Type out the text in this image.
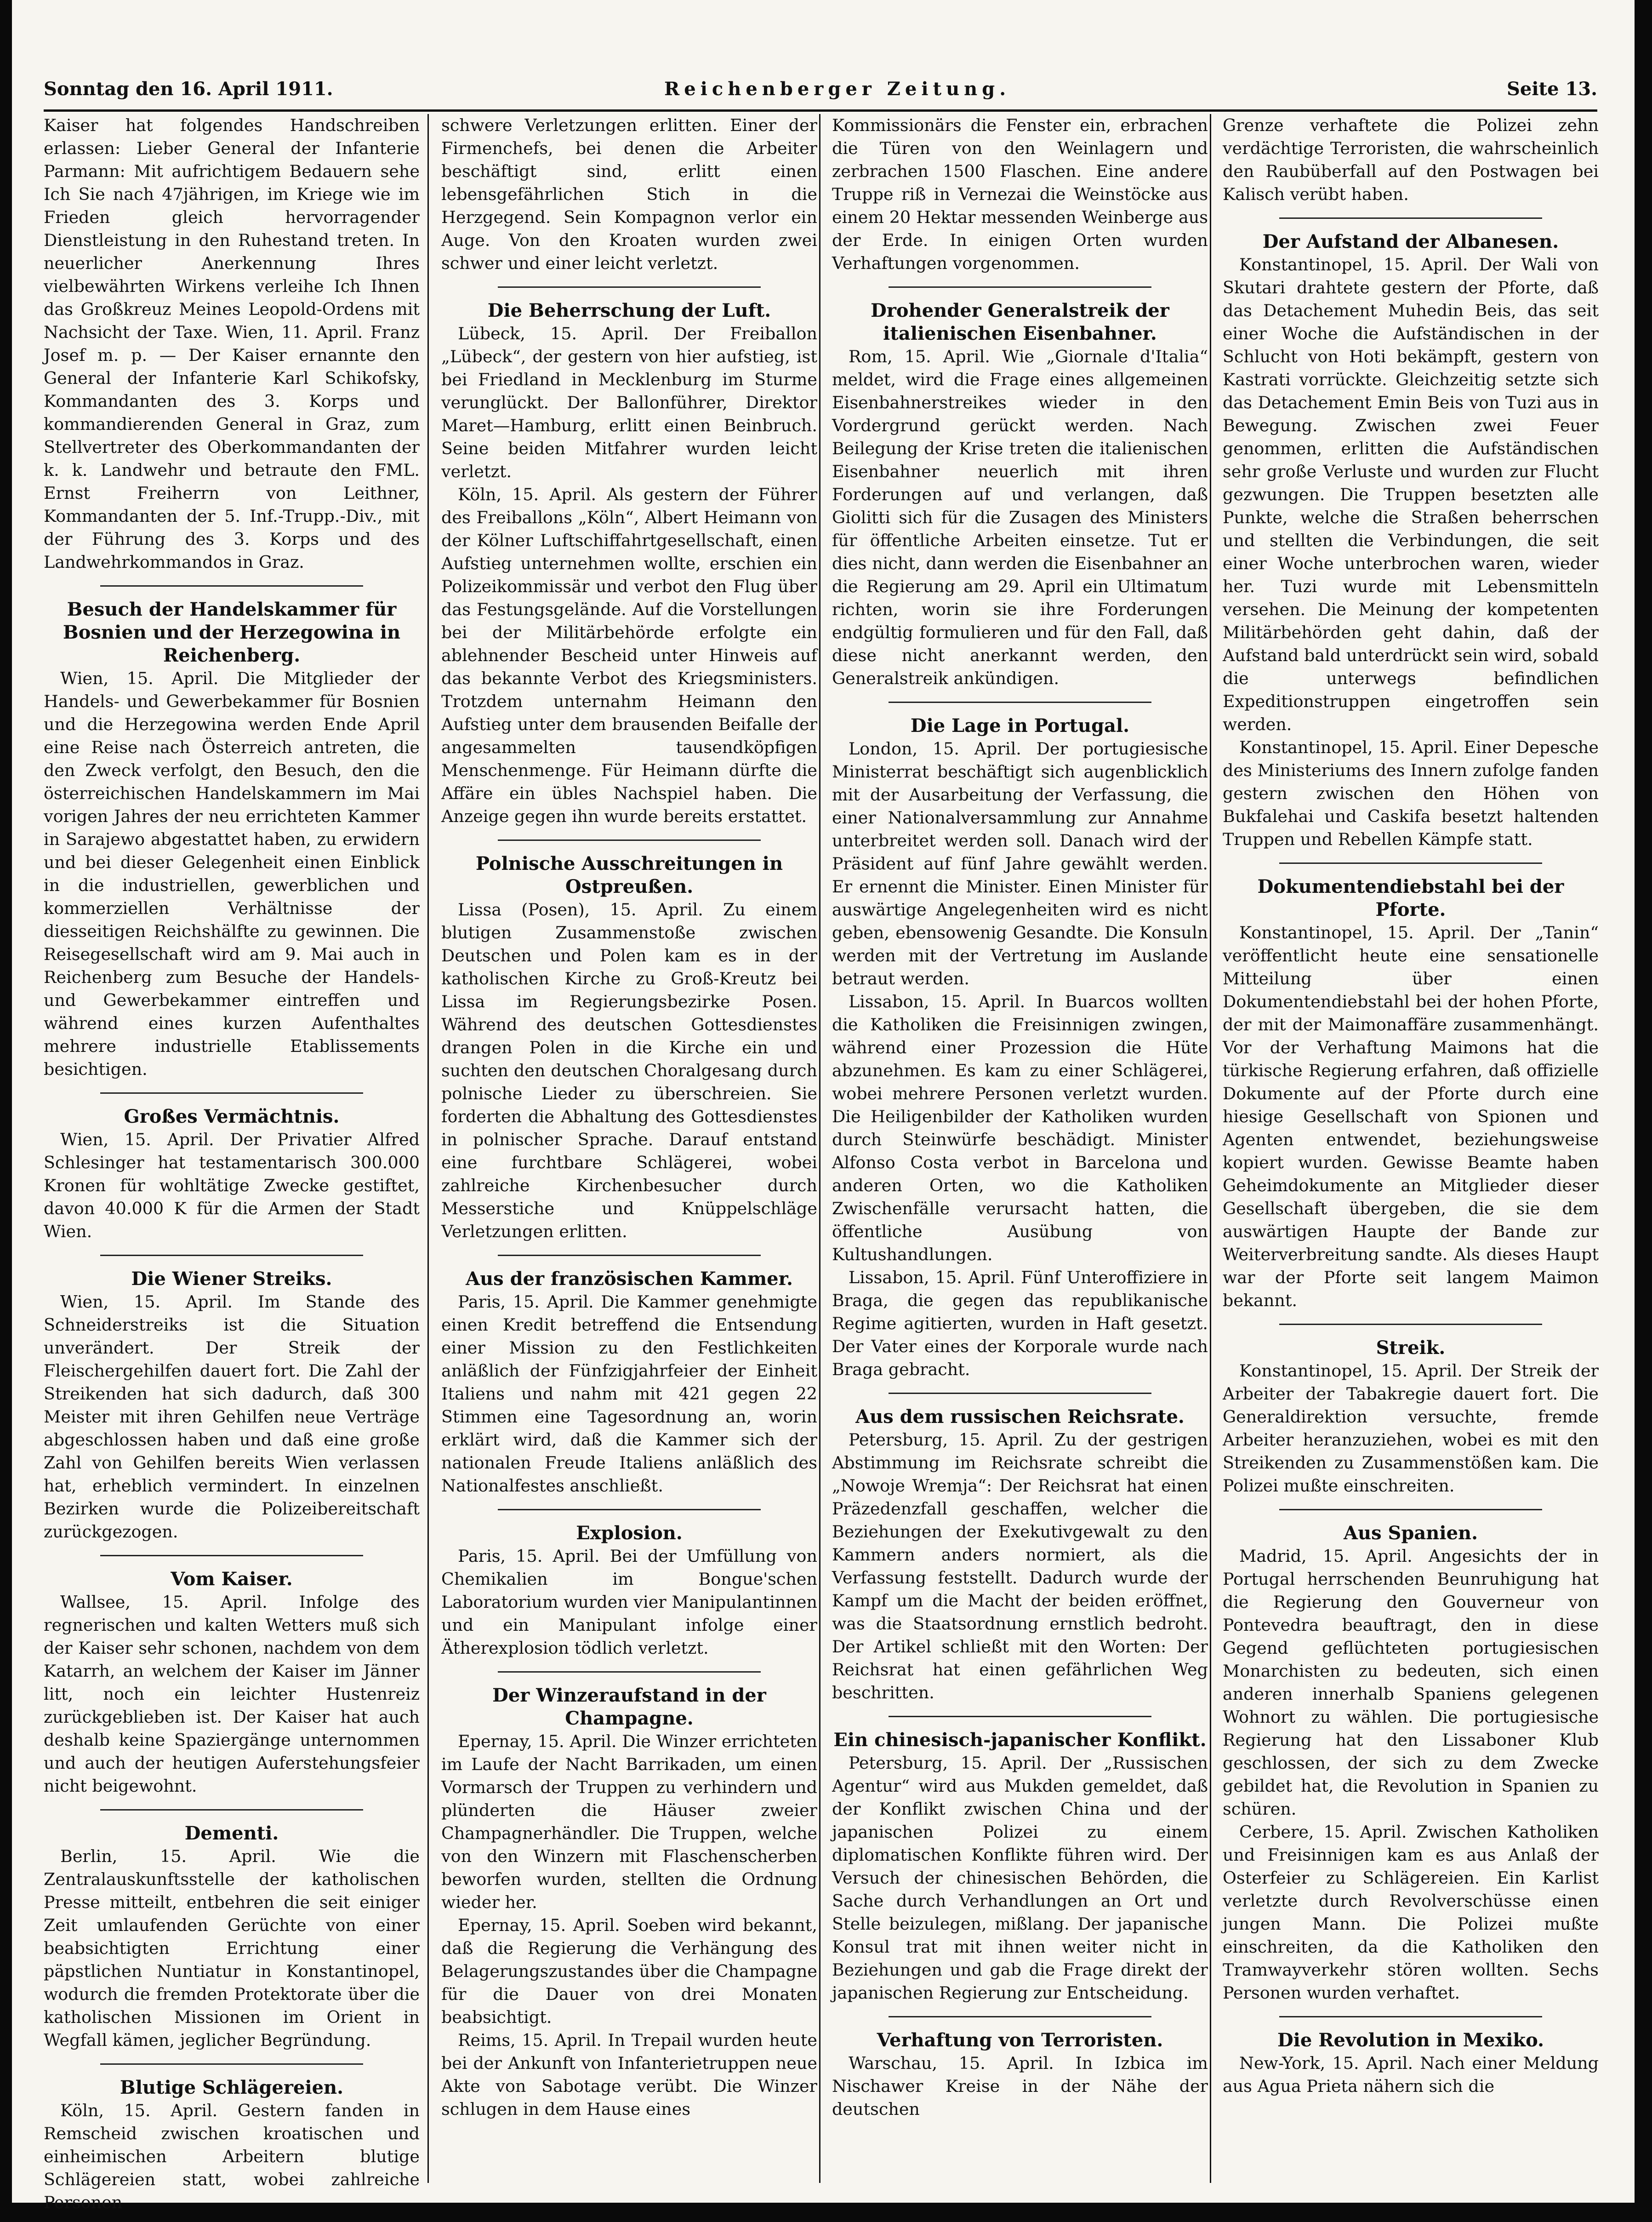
Sonntag den 16. April 1911.	Reichenberger Zeitung.	Seite 13.

Kaiser hat folgendes Handschreiben erlassen: Lieber General der Infanterie Parmann: Mit aufrichtigem Bedauern sehe Ich Sie nach 47jährigen, im Kriege wie im Frieden gleich hervorragender Dienstleistung in den Ruhestand treten. In neuerlicher Anerkennung Ihres vielbewährten Wirkens verleihe Ich Ihnen das Großkreuz Meines Leopold-Ordens mit Nachsicht der Taxe. Wien, 11. April. Franz Josef m. p. — Der Kaiser ernannte den General der Infanterie Karl Schikofsky, Kommandanten des 3. Korps und kommandierenden General in Graz, zum Stellvertreter des Oberkommandanten der k. k. Landwehr und betraute den FML. Ernst Freiherrn von Leithner, Kommandanten der 5. Inf.-Trupp.-Div., mit der Führung des 3. Korps und des Landwehrkommandos in Graz.

Besuch der Handelskammer für Bosnien und der Herzegowina in Reichenberg.

Wien, 15. April. Die Mitglieder der Handels- und Gewerbekammer für Bosnien und die Herzegowina werden Ende April eine Reise nach Österreich antreten, die den Zweck verfolgt, den Besuch, den die österreichischen Handelskammern im Mai vorigen Jahres der neu errichteten Kammer in Sarajewo abgestattet haben, zu erwidern und bei dieser Gelegenheit einen Einblick in die industriellen, gewerblichen und kommerziellen Verhältnisse der diesseitigen Reichshälfte zu gewinnen. Die Reisegesellschaft wird am 9. Mai auch in Reichenberg zum Besuche der Handels- und Gewerbekammer eintreffen und während eines kurzen Aufenthaltes mehrere industrielle Etablissements besichtigen.

Großes Vermächtnis.

Wien, 15. April. Der Privatier Alfred Schlesinger hat testamentarisch 300.000 Kronen für wohltätige Zwecke gestiftet, davon 40.000 K für die Armen der Stadt Wien.

Die Wiener Streiks.

Wien, 15. April. Im Stande des Schneiderstreiks ist die Situation unverändert. Der Streik der Fleischergehilfen dauert fort. Die Zahl der Streikenden hat sich dadurch, daß 300 Meister mit ihren Gehilfen neue Verträge abgeschlossen haben und daß eine große Zahl von Gehilfen bereits Wien verlassen hat, erheblich vermindert. In einzelnen Bezirken wurde die Polizeibereitschaft zurückgezogen.

Vom Kaiser.

Wallsee, 15. April. Infolge des regnerischen und kalten Wetters muß sich der Kaiser sehr schonen, nachdem von dem Katarrh, an welchem der Kaiser im Jänner litt, noch ein leichter Hustenreiz zurückgeblieben ist. Der Kaiser hat auch deshalb keine Spaziergänge unternommen und auch der heutigen Auferstehungsfeier nicht beigewohnt.

Dementi.

Berlin, 15. April. Wie die Zentralauskunftsstelle der katholischen Presse mitteilt, entbehren die seit einiger Zeit umlaufenden Gerüchte von einer beabsichtigten Errichtung einer päpstlichen Nuntiatur in Konstantinopel, wodurch die fremden Protektorate über die katholischen Missionen im Orient in Wegfall kämen, jeglicher Begründung.

Blutige Schlägereien.

Köln, 15. April. Gestern fanden in Remscheid zwischen kroatischen und einheimischen Arbeitern blutige Schlägereien statt, wobei zahlreiche Personen

schwere Verletzungen erlitten. Einer der Firmenchefs, bei denen die Arbeiter beschäftigt sind, erlitt einen lebensgefährlichen Stich in die Herzgegend. Sein Kompagnon verlor ein Auge. Von den Kroaten wurden zwei schwer und einer leicht verletzt.

Die Beherrschung der Luft.

Lübeck, 15. April. Der Freiballon „Lübeck“, der gestern von hier aufstieg, ist bei Friedland in Mecklenburg im Sturme verunglückt. Der Ballonführer, Direktor Maret—Hamburg, erlitt einen Beinbruch. Seine beiden Mitfahrer wurden leicht verletzt.

Köln, 15. April. Als gestern der Führer des Freiballons „Köln“, Albert Heimann von der Kölner Luftschiffahrtgesellschaft, einen Aufstieg unternehmen wollte, erschien ein Polizeikommissär und verbot den Flug über das Festungsgelände. Auf die Vorstellungen bei der Militärbehörde erfolgte ein ablehnender Bescheid unter Hinweis auf das bekannte Verbot des Kriegsministers. Trotzdem unternahm Heimann den Aufstieg unter dem brausenden Beifalle der angesammelten tausendköpfigen Menschenmenge. Für Heimann dürfte die Affäre ein übles Nachspiel haben. Die Anzeige gegen ihn wurde bereits erstattet.

Polnische Ausschreitungen in Ostpreußen.

Lissa (Posen), 15. April. Zu einem blutigen Zusammenstoße zwischen Deutschen und Polen kam es in der katholischen Kirche zu Groß-Kreutz bei Lissa im Regierungsbezirke Posen. Während des deutschen Gottesdienstes drangen Polen in die Kirche ein und suchten den deutschen Choralgesang durch polnische Lieder zu überschreien. Sie forderten die Abhaltung des Gottesdienstes in polnischer Sprache. Darauf entstand eine furchtbare Schlägerei, wobei zahlreiche Kirchenbesucher durch Messerstiche und Knüppelschläge Verletzungen erlitten.

Aus der französischen Kammer.

Paris, 15. April. Die Kammer genehmigte einen Kredit betreffend die Entsendung einer Mission zu den Festlichkeiten anläßlich der Fünfzigjahrfeier der Einheit Italiens und nahm mit 421 gegen 22 Stimmen eine Tagesordnung an, worin erklärt wird, daß die Kammer sich der nationalen Freude Italiens anläßlich des Nationalfestes anschließt.

Explosion.

Paris, 15. April. Bei der Umfüllung von Chemikalien im Bongue'schen Laboratorium wurden vier Manipulantinnen und ein Manipulant infolge einer Ätherexplosion tödlich verletzt.

Der Winzeraufstand in der Champagne.

Epernay, 15. April. Die Winzer errichteten im Laufe der Nacht Barrikaden, um einen Vormarsch der Truppen zu verhindern und plünderten die Häuser zweier Champagnerhändler. Die Truppen, welche von den Winzern mit Flaschenscherben beworfen wurden, stellten die Ordnung wieder her.

Epernay, 15. April. Soeben wird bekannt, daß die Regierung die Verhängung des Belagerungszustandes über die Champagne für die Dauer von drei Monaten beabsichtigt.

Reims, 15. April. In Trepail wurden heute bei der Ankunft von Infanterietruppen neue Akte von Sabotage verübt. Die Winzer schlugen in dem Hause eines

Kommissionärs die Fenster ein, erbrachen die Türen von den Weinlagern und zerbrachen 1500 Flaschen. Eine andere Truppe riß in Vernezai die Weinstöcke aus einem 20 Hektar messenden Weinberge aus der Erde. In einigen Orten wurden Verhaftungen vorgenommen.

Drohender Generalstreik der italienischen Eisenbahner.

Rom, 15. April. Wie „Giornale d'Italia“ meldet, wird die Frage eines allgemeinen Eisenbahnerstreikes wieder in den Vordergrund gerückt werden. Nach Beilegung der Krise treten die italienischen Eisenbahner neuerlich mit ihren Forderungen auf und verlangen, daß Giolitti sich für die Zusagen des Ministers für öffentliche Arbeiten einsetze. Tut er dies nicht, dann werden die Eisenbahner an die Regierung am 29. April ein Ultimatum richten, worin sie ihre Forderungen endgültig formulieren und für den Fall, daß diese nicht anerkannt werden, den Generalstreik ankündigen.

Die Lage in Portugal.

London, 15. April. Der portugiesische Ministerrat beschäftigt sich augenblicklich mit der Ausarbeitung der Verfassung, die einer Nationalversammlung zur Annahme unterbreitet werden soll. Danach wird der Präsident auf fünf Jahre gewählt werden. Er ernennt die Minister. Einen Minister für auswärtige Angelegenheiten wird es nicht geben, ebensowenig Gesandte. Die Konsuln werden mit der Vertretung im Auslande betraut werden.

Lissabon, 15. April. In Buarcos wollten die Katholiken die Freisinnigen zwingen, während einer Prozession die Hüte abzunehmen. Es kam zu einer Schlägerei, wobei mehrere Personen verletzt wurden. Die Heiligenbilder der Katholiken wurden durch Steinwürfe beschädigt. Minister Alfonso Costa verbot in Barcelona und anderen Orten, wo die Katholiken Zwischenfälle verursacht hatten, die öffentliche Ausübung von Kultushandlungen.

Lissabon, 15. April. Fünf Unteroffiziere in Braga, die gegen das republikanische Regime agitierten, wurden in Haft gesetzt. Der Vater eines der Korporale wurde nach Braga gebracht.

Aus dem russischen Reichsrate.

Petersburg, 15. April. Zu der gestrigen Abstimmung im Reichsrate schreibt die „Nowoje Wremja“: Der Reichsrat hat einen Präzedenzfall geschaffen, welcher die Beziehungen der Exekutivgewalt zu den Kammern anders normiert, als die Verfassung feststellt. Dadurch wurde der Kampf um die Macht der beiden eröffnet, was die Staatsordnung ernstlich bedroht. Der Artikel schließt mit den Worten: Der Reichsrat hat einen gefährlichen Weg beschritten.

Ein chinesisch-japanischer Konflikt.

Petersburg, 15. April. Der „Russischen Agentur“ wird aus Mukden gemeldet, daß der Konflikt zwischen China und der japanischen Polizei zu einem diplomatischen Konflikte führen wird. Der Versuch der chinesischen Behörden, die Sache durch Verhandlungen an Ort und Stelle beizulegen, mißlang. Der japanische Konsul trat mit ihnen weiter nicht in Beziehungen und gab die Frage direkt der japanischen Regierung zur Entscheidung.

Verhaftung von Terroristen.

Warschau, 15. April. In Izbica im Nischawer Kreise in der Nähe der deutschen

Grenze verhaftete die Polizei zehn verdächtige Terroristen, die wahrscheinlich den Raubüberfall auf den Postwagen bei Kalisch verübt haben.

Der Aufstand der Albanesen.

Konstantinopel, 15. April. Der Wali von Skutari drahtete gestern der Pforte, daß das Detachement Muhedin Beis, das seit einer Woche die Aufständischen in der Schlucht von Hoti bekämpft, gestern von Kastrati vorrückte. Gleichzeitig setzte sich das Detachement Emin Beis von Tuzi aus in Bewegung. Zwischen zwei Feuer genommen, erlitten die Aufständischen sehr große Verluste und wurden zur Flucht gezwungen. Die Truppen besetzten alle Punkte, welche die Straßen beherrschen und stellten die Verbindungen, die seit einer Woche unterbrochen waren, wieder her. Tuzi wurde mit Lebensmitteln versehen. Die Meinung der kompetenten Militärbehörden geht dahin, daß der Aufstand bald unterdrückt sein wird, sobald die unterwegs befindlichen Expeditionstruppen eingetroffen sein werden.

Konstantinopel, 15. April. Einer Depesche des Ministeriums des Innern zufolge fanden gestern zwischen den Höhen von Bukfalehai und Caskifa besetzt haltenden Truppen und Rebellen Kämpfe statt.

Dokumentendiebstahl bei der Pforte.

Konstantinopel, 15. April. Der „Tanin“ veröffentlicht heute eine sensationelle Mitteilung über einen Dokumentendiebstahl bei der hohen Pforte, der mit der Maimonaffäre zusammenhängt. Vor der Verhaftung Maimons hat die türkische Regierung erfahren, daß offizielle Dokumente auf der Pforte durch eine hiesige Gesellschaft von Spionen und Agenten entwendet, beziehungsweise kopiert wurden. Gewisse Beamte haben Geheimdokumente an Mitglieder dieser Gesellschaft übergeben, die sie dem auswärtigen Haupte der Bande zur Weiterverbreitung sandte. Als dieses Haupt war der Pforte seit langem Maimon bekannt.

Streik.

Konstantinopel, 15. April. Der Streik der Arbeiter der Tabakregie dauert fort. Die Generaldirektion versuchte, fremde Arbeiter heranzuziehen, wobei es mit den Streikenden zu Zusammenstößen kam. Die Polizei mußte einschreiten.

Aus Spanien.

Madrid, 15. April. Angesichts der in Portugal herrschenden Beunruhigung hat die Regierung den Gouverneur von Pontevedra beauftragt, den in diese Gegend geflüchteten portugiesischen Monarchisten zu bedeuten, sich einen anderen innerhalb Spaniens gelegenen Wohnort zu wählen. Die portugiesische Regierung hat den Lissaboner Klub geschlossen, der sich zu dem Zwecke gebildet hat, die Revolution in Spanien zu schüren.

Cerbere, 15. April. Zwischen Katholiken und Freisinnigen kam es aus Anlaß der Osterfeier zu Schlägereien. Ein Karlist verletzte durch Revolverschüsse einen jungen Mann. Die Polizei mußte einschreiten, da die Katholiken den Tramwayverkehr stören wollten. Sechs Personen wurden verhaftet.

Die Revolution in Mexiko.

New-York, 15. April. Nach einer Meldung aus Agua Prieta nähern sich die
